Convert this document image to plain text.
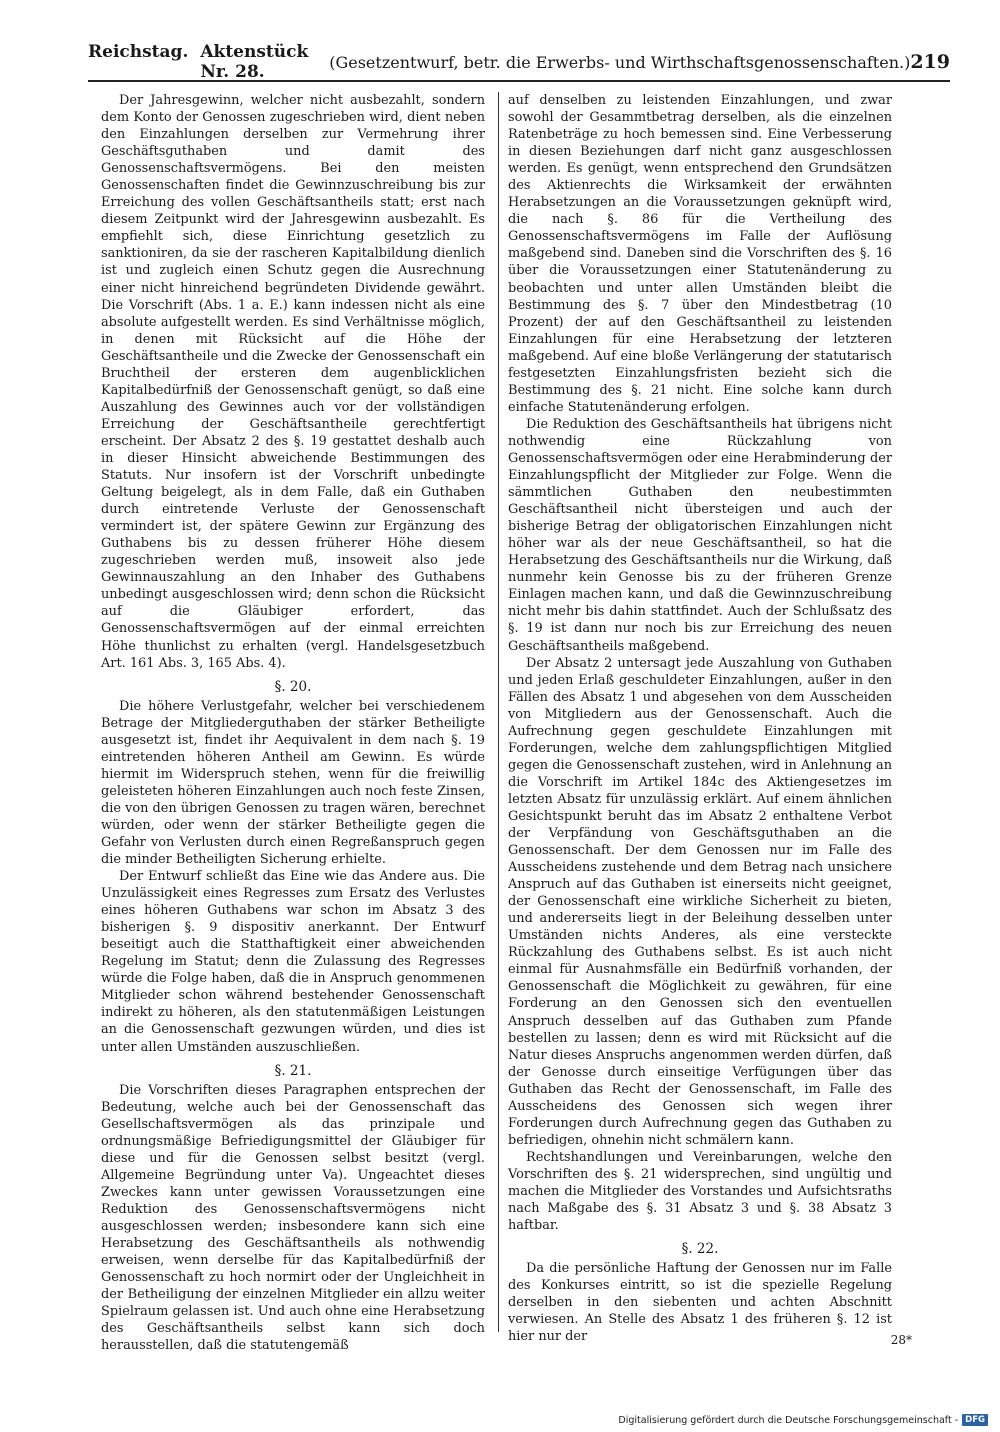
Reichstag. Aktenstück Nr. 28.	(Gesetzentwurf, betr. die Erwerbs- und Wirthschaftsgenossenschaften.) 219

Der Jahresgewinn, welcher nicht ausbezahlt, sondern dem Konto der Genossen zugeschrieben wird, dient neben den Einzahlungen derselben zur Vermehrung ihrer Geschäftsguthaben und damit des Genossenschaftsvermögens. Bei den meisten Genossenschaften findet die Gewinnzuschreibung bis zur Erreichung des vollen Geschäftsantheils statt; erst nach diesem Zeitpunkt wird der Jahresgewinn ausbezahlt. Es empfiehlt sich, diese Einrichtung gesetzlich zu sanktioniren, da sie der rascheren Kapitalbildung dienlich ist und zugleich einen Schutz gegen die Ausrechnung einer nicht hinreichend begründeten Dividende gewährt. Die Vorschrift (Abs. 1 a. E.) kann indessen nicht als eine absolute aufgestellt werden. Es sind Verhältnisse möglich, in denen mit Rücksicht auf die Höhe der Geschäftsantheile und die Zwecke der Genossenschaft ein Bruchtheil der ersteren dem augenblicklichen Kapitalbedürfniß der Genossenschaft genügt, so daß eine Auszahlung des Gewinnes auch vor der vollständigen Erreichung der Geschäftsantheile gerechtfertigt erscheint. Der Absatz 2 des §. 19 gestattet deshalb auch in dieser Hinsicht abweichende Bestimmungen des Statuts. Nur insofern ist der Vorschrift unbedingte Geltung beigelegt, als in dem Falle, daß ein Guthaben durch eintretende Verluste der Genossenschaft vermindert ist, der spätere Gewinn zur Ergänzung des Guthabens bis zu dessen früherer Höhe diesem zugeschrieben werden muß, insoweit also jede Gewinnauszahlung an den Inhaber des Guthabens unbedingt ausgeschlossen wird; denn schon die Rücksicht auf die Gläubiger erfordert, das Genossenschaftsvermögen auf der einmal erreichten Höhe thunlichst zu erhalten (vergl. Handelsgesetzbuch Art. 161 Abs. 3, 165 Abs. 4).

§. 20.

Die höhere Verlustgefahr, welcher bei verschiedenem Betrage der Mitgliederguthaben der stärker Betheiligte ausgesetzt ist, findet ihr Aequivalent in dem nach §. 19 eintretenden höheren Antheil am Gewinn. Es würde hiermit im Widerspruch stehen, wenn für die freiwillig geleisteten höheren Einzahlungen auch noch feste Zinsen, die von den übrigen Genossen zu tragen wären, berechnet würden, oder wenn der stärker Betheiligte gegen die Gefahr von Verlusten durch einen Regreßanspruch gegen die minder Betheiligten Sicherung erhielte.

Der Entwurf schließt das Eine wie das Andere aus. Die Unzulässigkeit eines Regresses zum Ersatz des Verlustes eines höheren Guthabens war schon im Absatz 3 des bisherigen §. 9 dispositiv anerkannt. Der Entwurf beseitigt auch die Statthaftigkeit einer abweichenden Regelung im Statut; denn die Zulassung des Regresses würde die Folge haben, daß die in Anspruch genommenen Mitglieder schon während bestehender Genossenschaft indirekt zu höheren, als den statutenmäßigen Leistungen an die Genossenschaft gezwungen würden, und dies ist unter allen Umständen auszuschließen.

§. 21.

Die Vorschriften dieses Paragraphen entsprechen der Bedeutung, welche auch bei der Genossenschaft das Gesellschaftsvermögen als das prinzipale und ordnungsmäßige Befriedigungsmittel der Gläubiger für diese und für die Genossen selbst besitzt (vergl. Allgemeine Begründung unter Va). Ungeachtet dieses Zweckes kann unter gewissen Voraussetzungen eine Reduktion des Genossenschaftsvermögens nicht ausgeschlossen werden; insbesondere kann sich eine Herabsetzung des Geschäftsantheils als nothwendig erweisen, wenn derselbe für das Kapitalbedürfniß der Genossenschaft zu hoch normirt oder der Ungleichheit in der Betheiligung der einzelnen Mitglieder ein allzu weiter Spielraum gelassen ist. Und auch ohne eine Herabsetzung des Geschäftsantheils selbst kann sich doch herausstellen, daß die statutengemäß

auf denselben zu leistenden Einzahlungen, und zwar sowohl der Gesammtbetrag derselben, als die einzelnen Ratenbeträge zu hoch bemessen sind. Eine Verbesserung in diesen Beziehungen darf nicht ganz ausgeschlossen werden. Es genügt, wenn entsprechend den Grundsätzen des Aktienrechts die Wirksamkeit der erwähnten Herabsetzungen an die Voraussetzungen geknüpft wird, die nach §. 86 für die Vertheilung des Genossenschaftsvermögens im Falle der Auflösung maßgebend sind. Daneben sind die Vorschriften des §. 16 über die Voraussetzungen einer Statutenänderung zu beobachten und unter allen Umständen bleibt die Bestimmung des §. 7 über den Mindestbetrag (10 Prozent) der auf den Geschäftsantheil zu leistenden Einzahlungen für eine Herabsetzung der letzteren maßgebend. Auf eine bloße Verlängerung der statutarisch festgesetzten Einzahlungsfristen bezieht sich die Bestimmung des §. 21 nicht. Eine solche kann durch einfache Statutenänderung erfolgen.

Die Reduktion des Geschäftsantheils hat übrigens nicht nothwendig eine Rückzahlung von Genossenschaftsvermögen oder eine Herabminderung der Einzahlungspflicht der Mitglieder zur Folge. Wenn die sämmtlichen Guthaben den neubestimmten Geschäftsantheil nicht übersteigen und auch der bisherige Betrag der obligatorischen Einzahlungen nicht höher war als der neue Geschäftsantheil, so hat die Herabsetzung des Geschäftsantheils nur die Wirkung, daß nunmehr kein Genosse bis zu der früheren Grenze Einlagen machen kann, und daß die Gewinnzuschreibung nicht mehr bis dahin stattfindet. Auch der Schlußsatz des §. 19 ist dann nur noch bis zur Erreichung des neuen Geschäftsantheils maßgebend.

Der Absatz 2 untersagt jede Auszahlung von Guthaben und jeden Erlaß geschuldeter Einzahlungen, außer in den Fällen des Absatz 1 und abgesehen von dem Ausscheiden von Mitgliedern aus der Genossenschaft. Auch die Aufrechnung gegen geschuldete Einzahlungen mit Forderungen, welche dem zahlungspflichtigen Mitglied gegen die Genossenschaft zustehen, wird in Anlehnung an die Vorschrift im Artikel 184c des Aktiengesetzes im letzten Absatz für unzulässig erklärt. Auf einem ähnlichen Gesichtspunkt beruht das im Absatz 2 enthaltene Verbot der Verpfändung von Geschäftsguthaben an die Genossenschaft. Der dem Genossen nur im Falle des Ausscheidens zustehende und dem Betrag nach unsichere Anspruch auf das Guthaben ist einerseits nicht geeignet, der Genossenschaft eine wirkliche Sicherheit zu bieten, und andererseits liegt in der Beleihung desselben unter Umständen nichts Anderes, als eine versteckte Rückzahlung des Guthabens selbst. Es ist auch nicht einmal für Ausnahmsfälle ein Bedürfniß vorhanden, der Genossenschaft die Möglichkeit zu gewähren, für eine Forderung an den Genossen sich den eventuellen Anspruch desselben auf das Guthaben zum Pfande bestellen zu lassen; denn es wird mit Rücksicht auf die Natur dieses Anspruchs angenommen werden dürfen, daß der Genosse durch einseitige Verfügungen über das Guthaben das Recht der Genossenschaft, im Falle des Ausscheidens des Genossen sich wegen ihrer Forderungen durch Aufrechnung gegen das Guthaben zu befriedigen, ohnehin nicht schmälern kann.

Rechtshandlungen und Vereinbarungen, welche den Vorschriften des §. 21 widersprechen, sind ungültig und machen die Mitglieder des Vorstandes und Aufsichtsraths nach Maßgabe des §. 31 Absatz 3 und §. 38 Absatz 3 haftbar.

§. 22.

Da die persönliche Haftung der Genossen nur im Falle des Konkurses eintritt, so ist die spezielle Regelung derselben in den siebenten und achten Abschnitt verwiesen. An Stelle des Absatz 1 des früheren §. 12 ist hier nur der	28*
Digitalisierung gefördert durch die Deutsche Forschungsgemeinschaft - DFG
